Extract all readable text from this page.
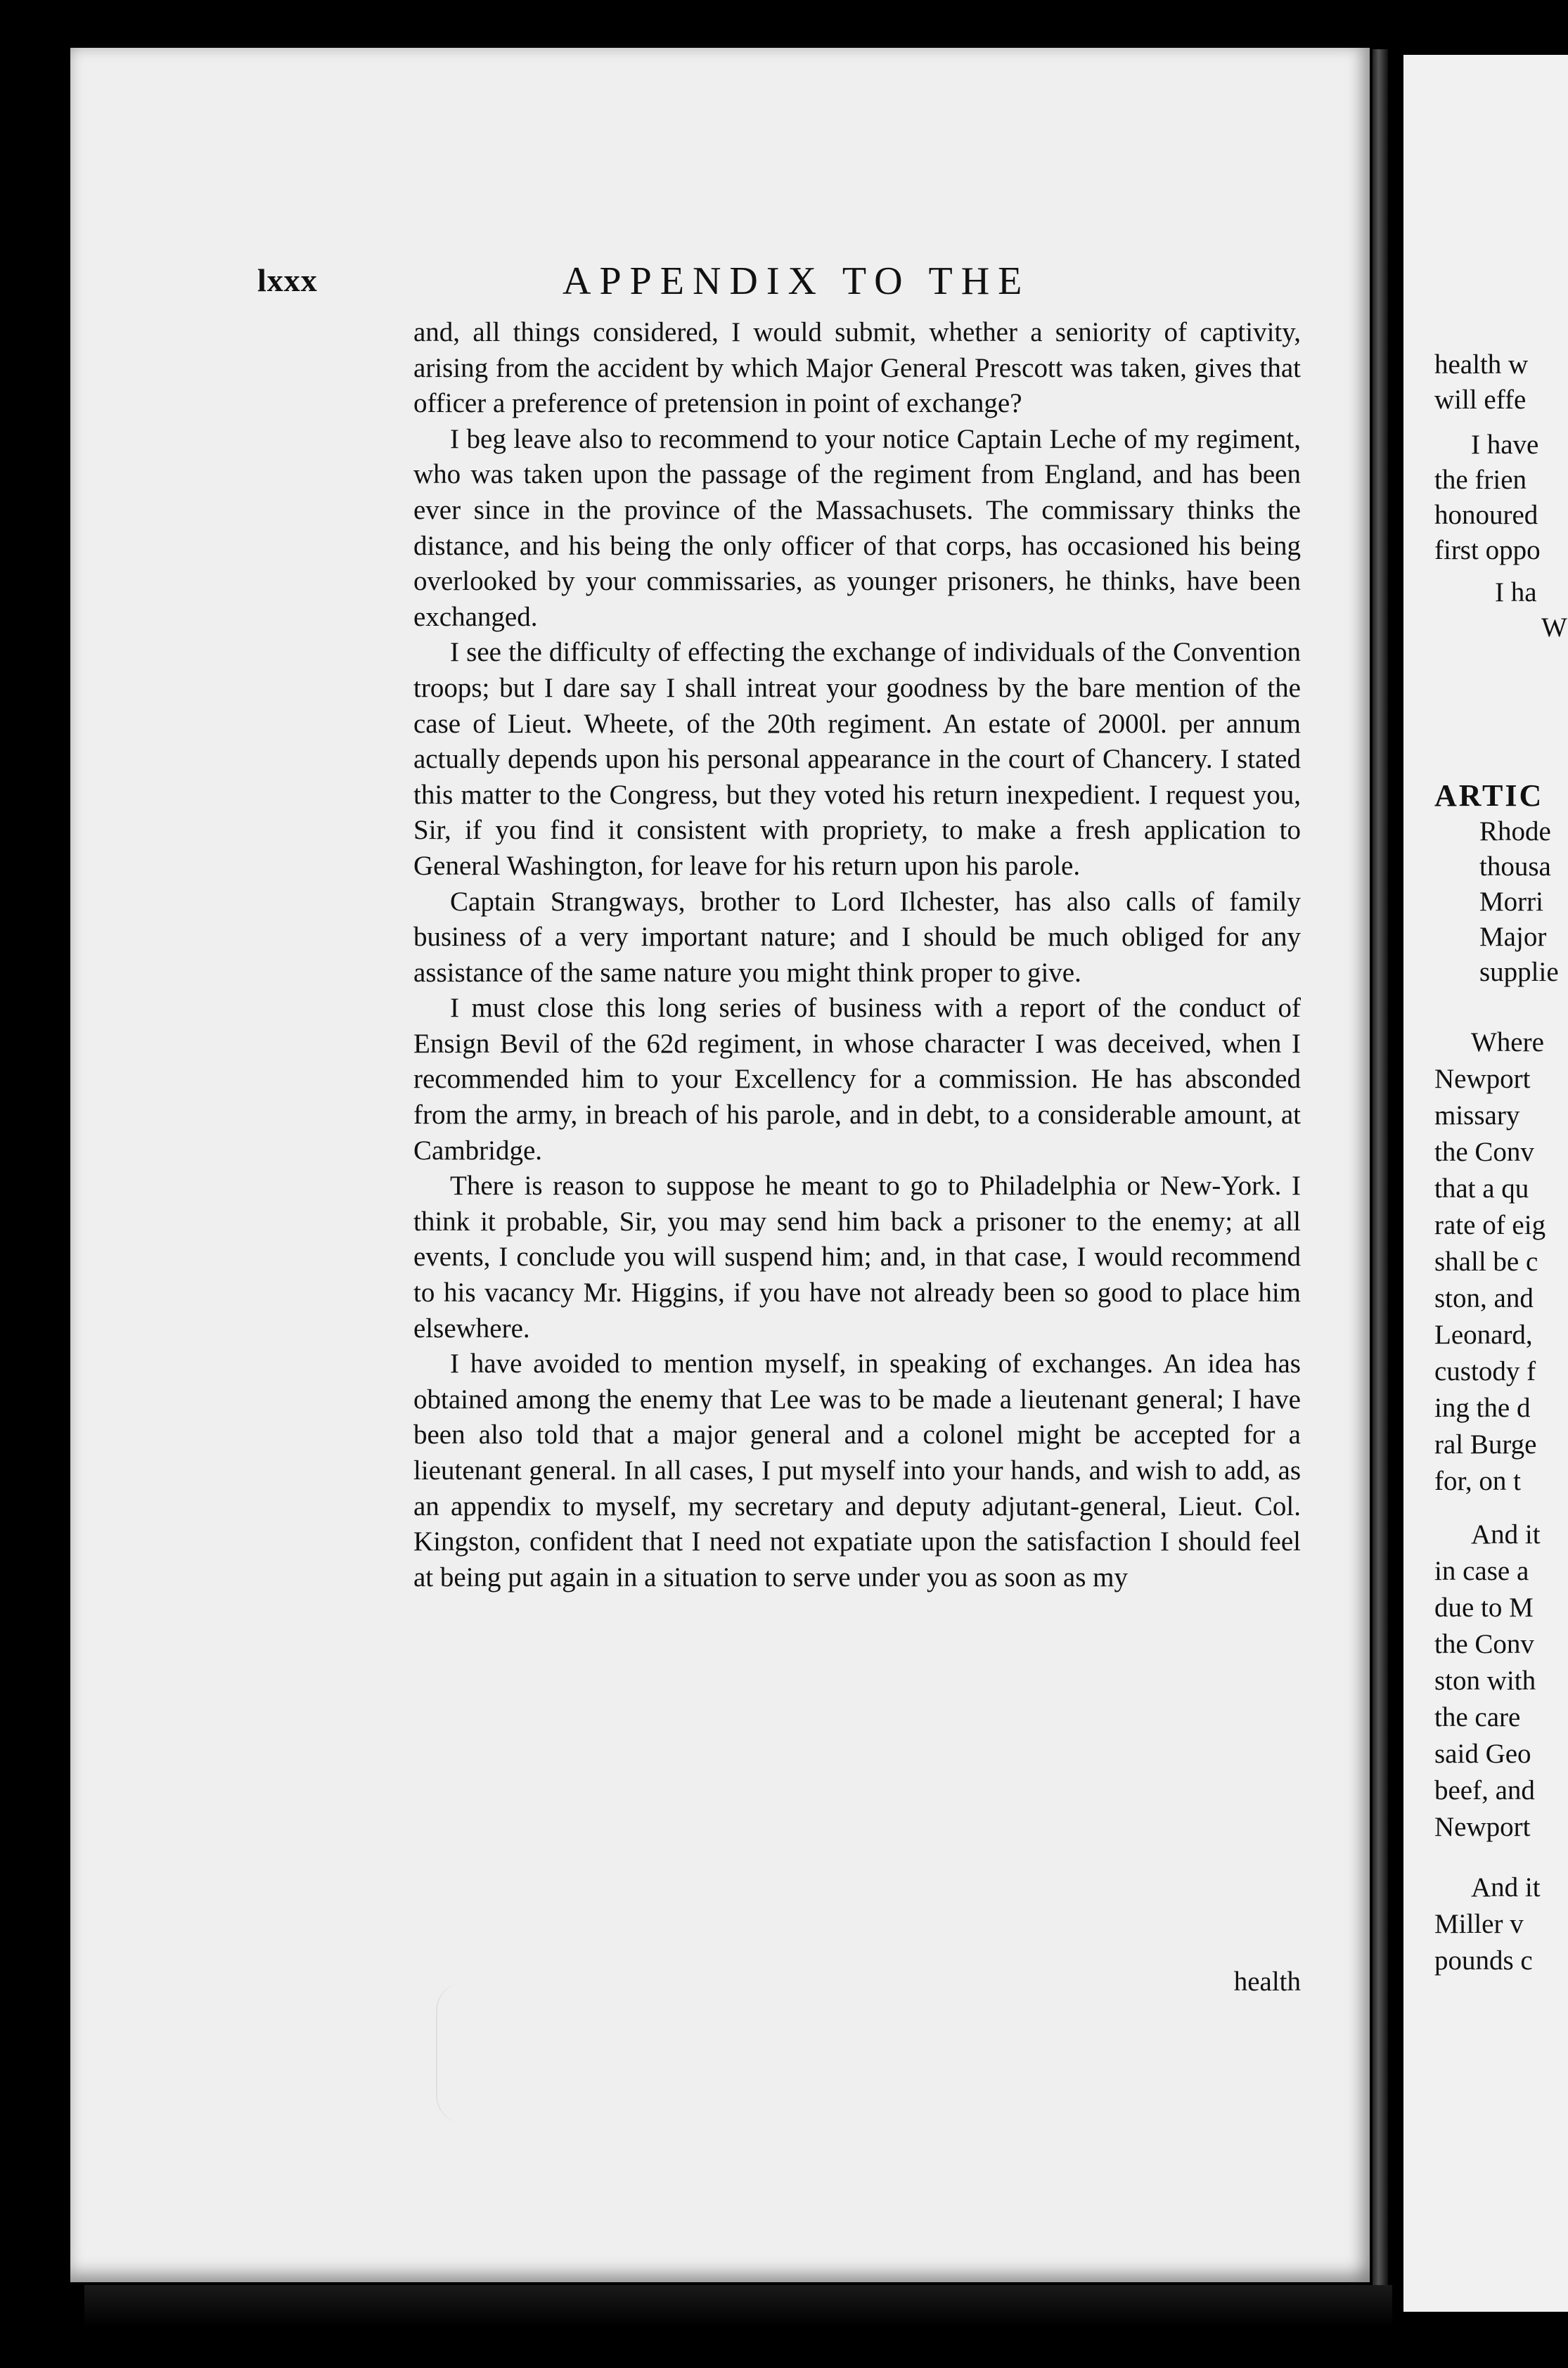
lxxx	APPENDIX TO THE

and, all things considered, I would submit, whether a seniority of captivity, arising from the accident by which Major General Prescott was taken, gives that officer a preference of pretension in point of exchange?

I beg leave also to recommend to your notice Captain Leche of my regiment, who was taken upon the passage of the regiment from England, and has been ever since in the province of the Massachusets. The commissary thinks the distance, and his being the only officer of that corps, has occasioned his being overlooked by your commissaries, as younger prisoners, he thinks, have been exchanged.

I see the difficulty of effecting the exchange of individuals of the Convention troops; but I dare say I shall intreat your goodness by the bare mention of the case of Lieut. Wheete, of the 20th regiment. An estate of 2000l. per annum actually depends upon his personal appearance in the court of Chancery. I stated this matter to the Congress, but they voted his return inexpedient. I request you, Sir, if you find it consistent with propriety, to make a fresh application to General Washington, for leave for his return upon his parole.

Captain Strangways, brother to Lord Ilchester, has also calls of family business of a very important nature; and I should be much obliged for any assistance of the same nature you might think proper to give.

I must close this long series of business with a report of the conduct of Ensign Bevil of the 62d regiment, in whose character I was deceived, when I recommended him to your Excellency for a commission. He has absconded from the army, in breach of his parole, and in debt, to a considerable amount, at Cambridge.

There is reason to suppose he meant to go to Philadelphia or New-York. I think it probable, Sir, you may send him back a prisoner to the enemy; at all events, I conclude you will suspend him; and, in that case, I would recommend to his vacancy Mr. Higgins, if you have not already been so good to place him elsewhere.

I have avoided to mention myself, in speaking of exchanges. An idea has obtained among the enemy that Lee was to be made a lieutenant general; I have been also told that a major general and a colonel might be accepted for a lieutenant general. In all cases, I put myself into your hands, and wish to add, as an appendix to myself, my secretary and deputy adjutant-general, Lieut. Col. Kingston, confident that I need not expatiate upon the satisfaction I should feel at being put again in a situation to serve under you as soon as my

health
health w
will effe
I have
the frien
honoured
first oppo
I ha
W
ARTIC
Rhode
thousa
Morri
Major
supplie
Where
Newport
missary
the Conv
that a qu
rate of eig
shall be c
ston, and
Leonard,
custody f
ing the d
ral Burge
for, on t
And it
in case a
due to M
the Conv
ston with
the care
said Geo
beef, and
Newport
And it
Miller v
pounds c
